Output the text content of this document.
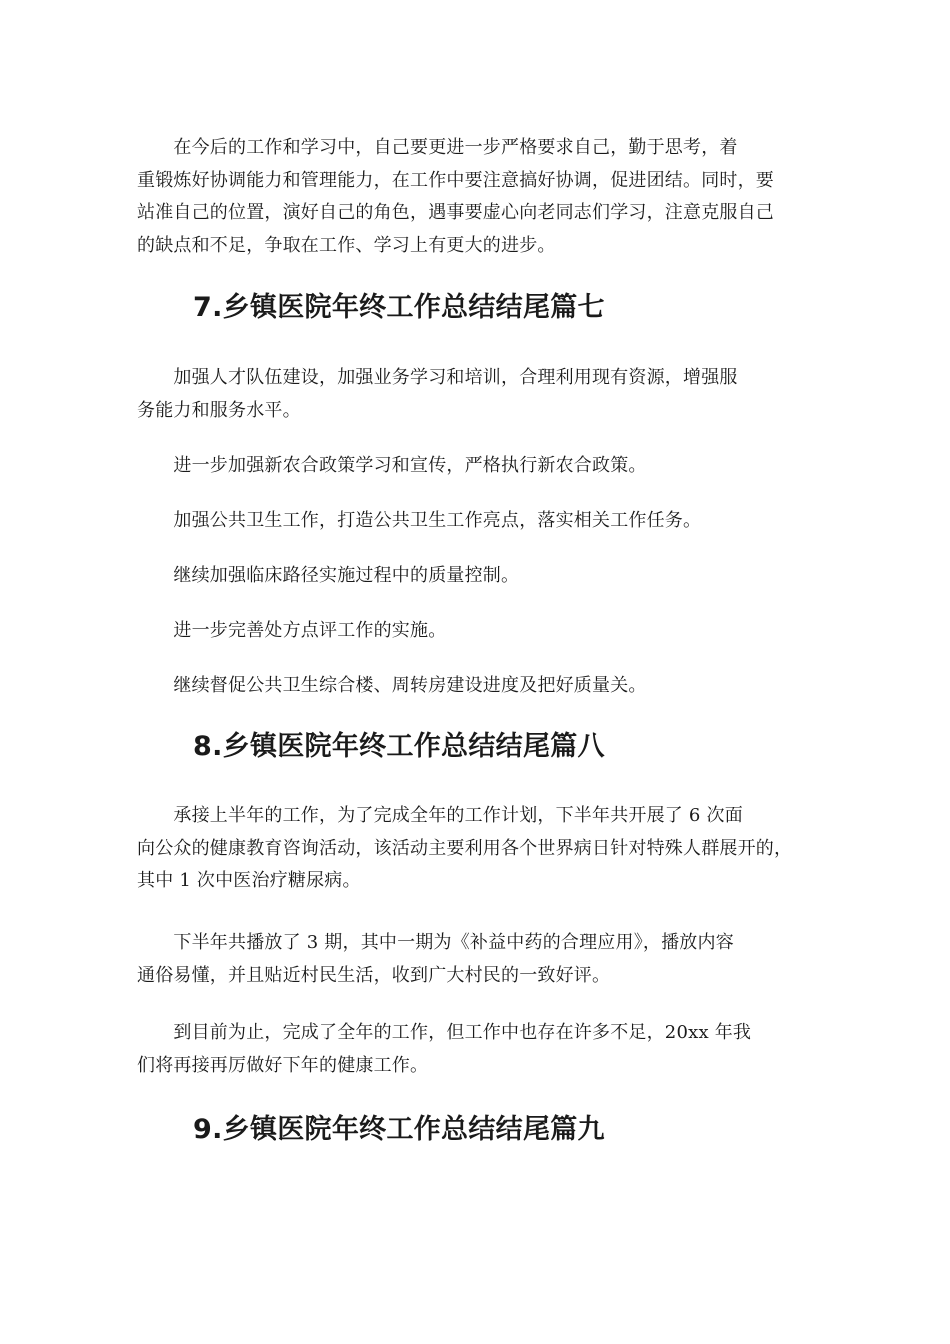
　　在今后的工作和学习中，自己要更进一步严格要求自己，勤于思考，着
重锻炼好协调能力和管理能力，在工作中要注意搞好协调，促进团结。同时，要
站准自己的位置，演好自己的角色，遇事要虚心向老同志们学习，注意克服自己
的缺点和不足，争取在工作、学习上有更大的进步。

7.乡镇医院年终工作总结结尾篇七

　　加强人才队伍建设，加强业务学习和培训，合理利用现有资源，增强服
务能力和服务水平。

　　进一步加强新农合政策学习和宣传，严格执行新农合政策。

　　加强公共卫生工作，打造公共卫生工作亮点，落实相关工作任务。

　　继续加强临床路径实施过程中的质量控制。

　　进一步完善处方点评工作的实施。

　　继续督促公共卫生综合楼、周转房建设进度及把好质量关。

8.乡镇医院年终工作总结结尾篇八

　　承接上半年的工作，为了完成全年的工作计划，下半年共开展了 6 次面
向公众的健康教育咨询活动，该活动主要利用各个世界病日针对特殊人群展开的，
其中 1 次中医治疗糖尿病。

　　下半年共播放了 3 期，其中一期为《补益中药的合理应用》，播放内容
通俗易懂，并且贴近村民生活，收到广大村民的一致好评。

　　到目前为止，完成了全年的工作，但工作中也存在许多不足，20xx 年我
们将再接再厉做好下年的健康工作。

9.乡镇医院年终工作总结结尾篇九
